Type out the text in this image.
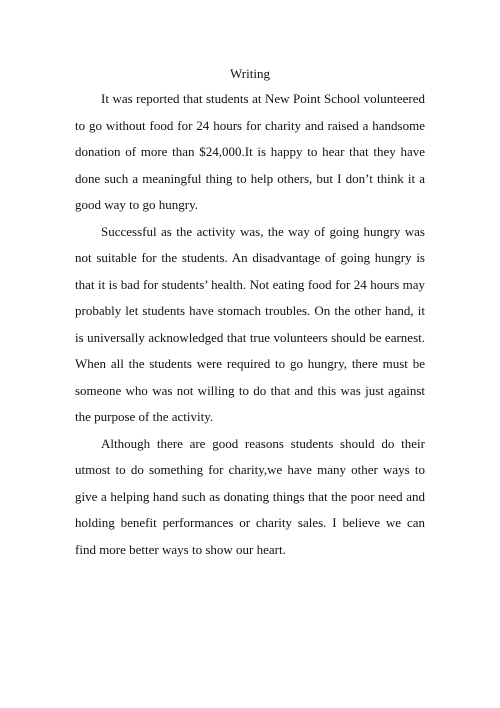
Writing

It was reported that students at New Point School volunteered to go without food for 24 hours for charity and raised a handsome donation of more than $24,000.It is happy to hear that they have done such a meaningful thing to help others, but I don’t think it a good way to go hungry.

Successful as the activity was, the way of going hungry was not suitable for the students. An disadvantage of going hungry is that it is bad for students’ health. Not eating food for 24 hours may probably let students have stomach troubles. On the other hand, it is universally acknowledged that true volunteers should be earnest. When all the students were required to go hungry, there must be someone who was not willing to do that and this was just against the purpose of the activity.

Although there are good reasons students should do their utmost to do something for charity,we have many other ways to give a helping hand such as donating things that the poor need and holding benefit performances or charity sales. I believe we can find more better ways to show our heart.
